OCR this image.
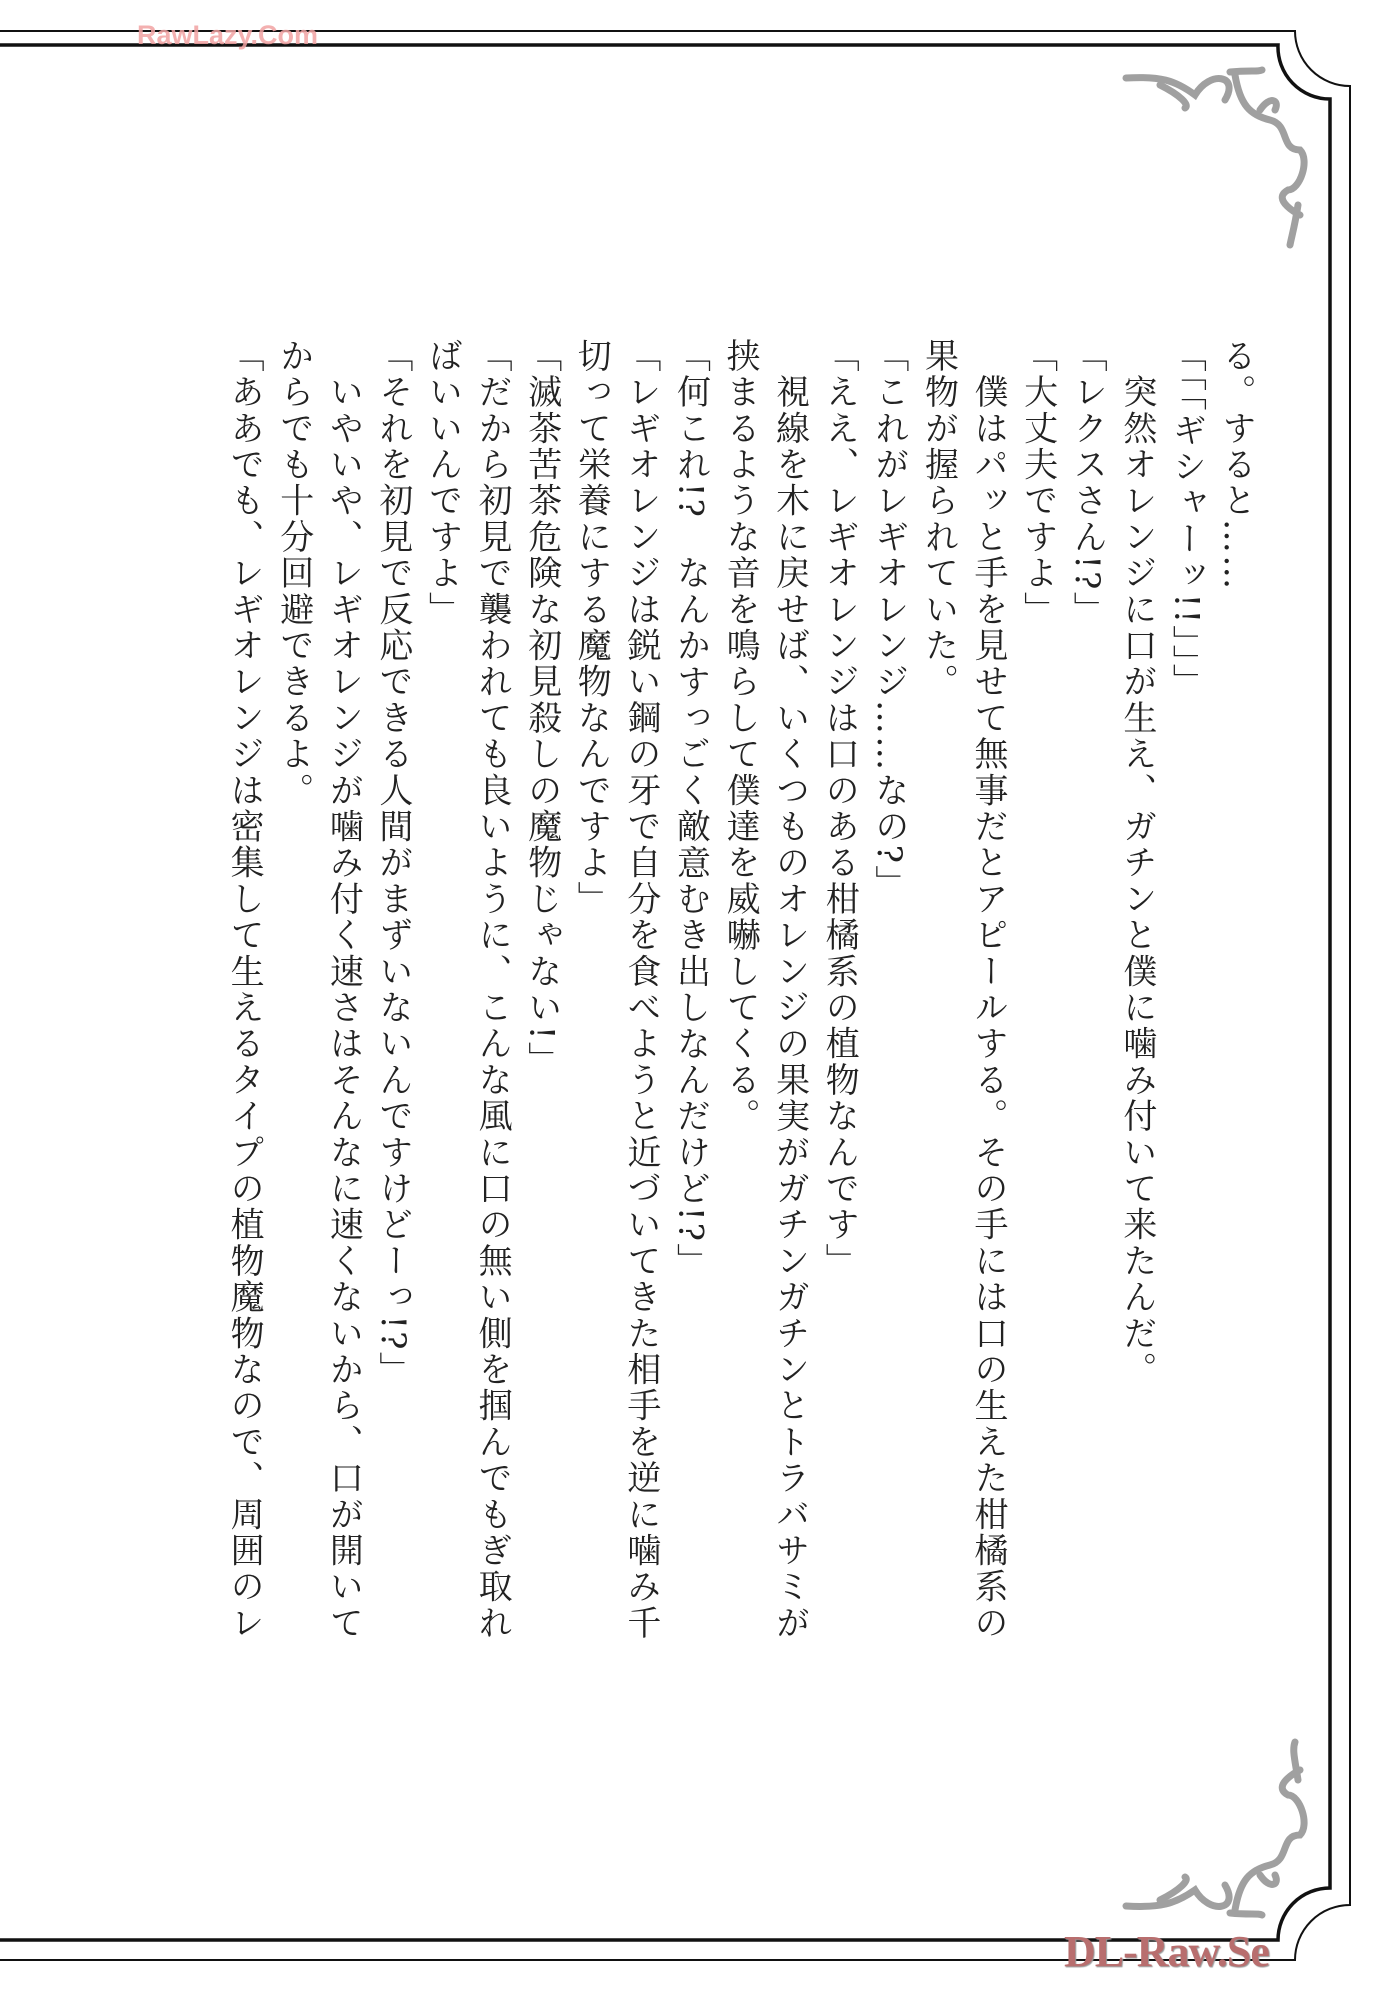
RawLazy.Com
る。すると……
「「「ギシャーッ!!」」」
　突然オレンジに口が生え、ガチンと僕に噛み付いて来たんだ。
「レクスさん!?」
「大丈夫ですよ」
　僕はパッと手を見せて無事だとアピールする。その手には口の生えた柑橘系の
果物が握られていた。
「これがレギオレンジ……なの?」
「ええ、レギオレンジは口のある柑橘系の植物なんです」
　視線を木に戻せば、いくつものオレンジの果実がガチンガチンとトラバサミが
挟まるような音を鳴らして僕達を威嚇してくる。
「何これ!?　なんかすっごく敵意むき出しなんだけど!?」
「レギオレンジは鋭い鋼の牙で自分を食べようと近づいてきた相手を逆に噛み千
切って栄養にする魔物なんですよ」
「滅茶苦茶危険な初見殺しの魔物じゃない!」
「だから初見で襲われても良いように、こんな風に口の無い側を掴んでもぎ取れ
ばいいんですよ」
「それを初見で反応できる人間がまずいないんですけどーっ!?」
　いやいや、レギオレンジが噛み付く速さはそんなに速くないから、口が開いて
からでも十分回避できるよ。
「ああでも、レギオレンジは密集して生えるタイプの植物魔物なので、周囲のレ
DL-Raw.Se
